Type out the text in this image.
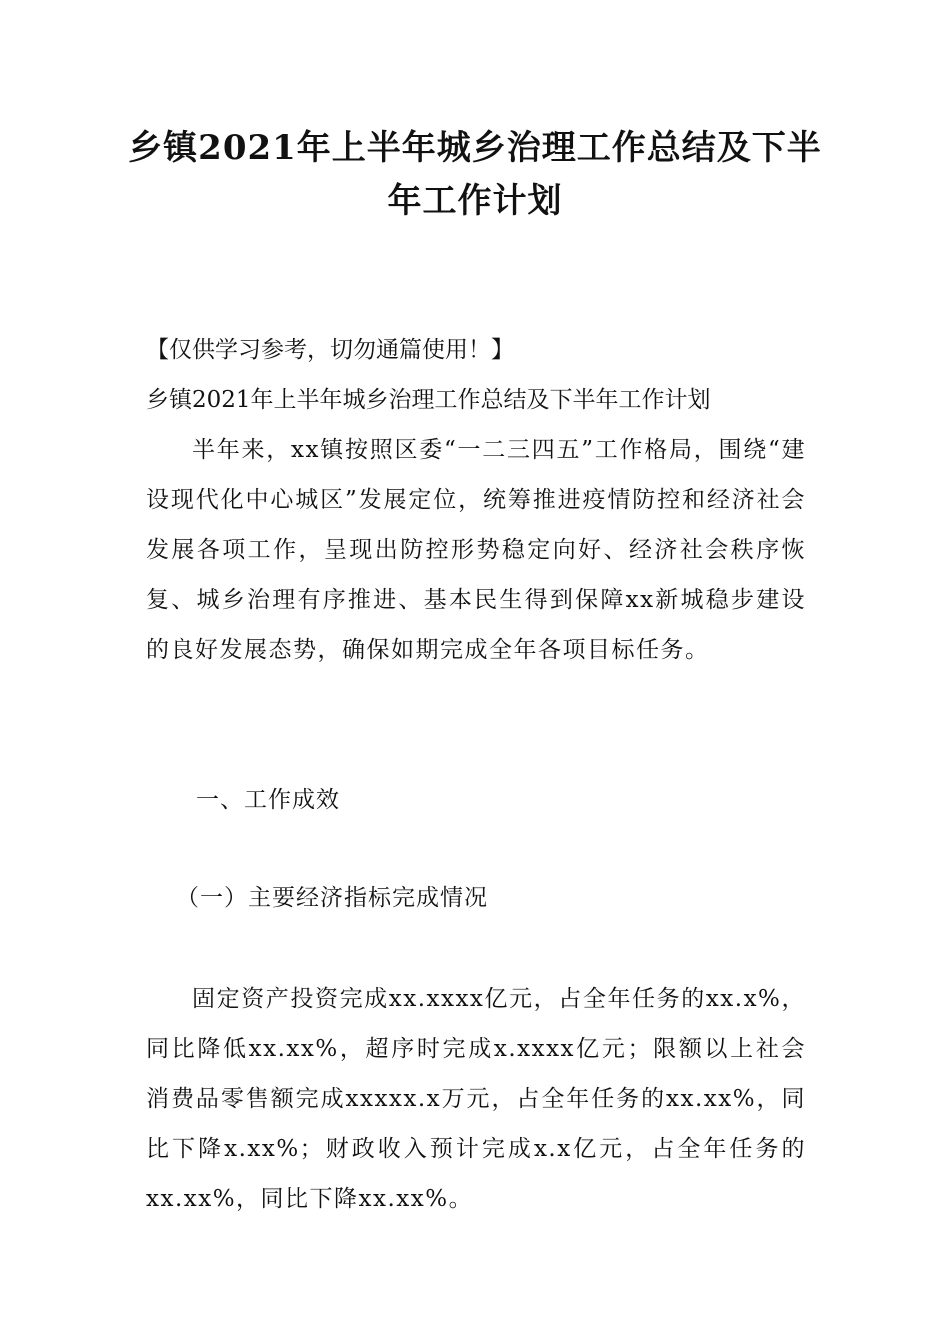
乡镇2021年上半年城乡治理工作总结及下半年工作计划
【仅供学习参考，切勿通篇使用！】
乡镇2021年上半年城乡治理工作总结及下半年工作计划
半年来，xx镇按照区委“一二三四五”工作格局，围绕“建设现代化中心城区”发展定位，统筹推进疫情防控和经济社会发展各项工作，呈现出防控形势稳定向好、经济社会秩序恢复、城乡治理有序推进、基本民生得到保障xx新城稳步建设的良好发展态势，确保如期完成全年各项目标任务。
一、工作成效
（一）主要经济指标完成情况
固定资产投资完成xx.xxxx亿元，占全年任务的xx.x%，同比降低xx.xx%，超序时完成x.xxxx亿元；限额以上社会消费品零售额完成xxxxx.x万元，占全年任务的xx.xx%，同比下降x.xx%；财政收入预计完成x.x亿元，占全年任务的xx.xx%，同比下降xx.xx%。
